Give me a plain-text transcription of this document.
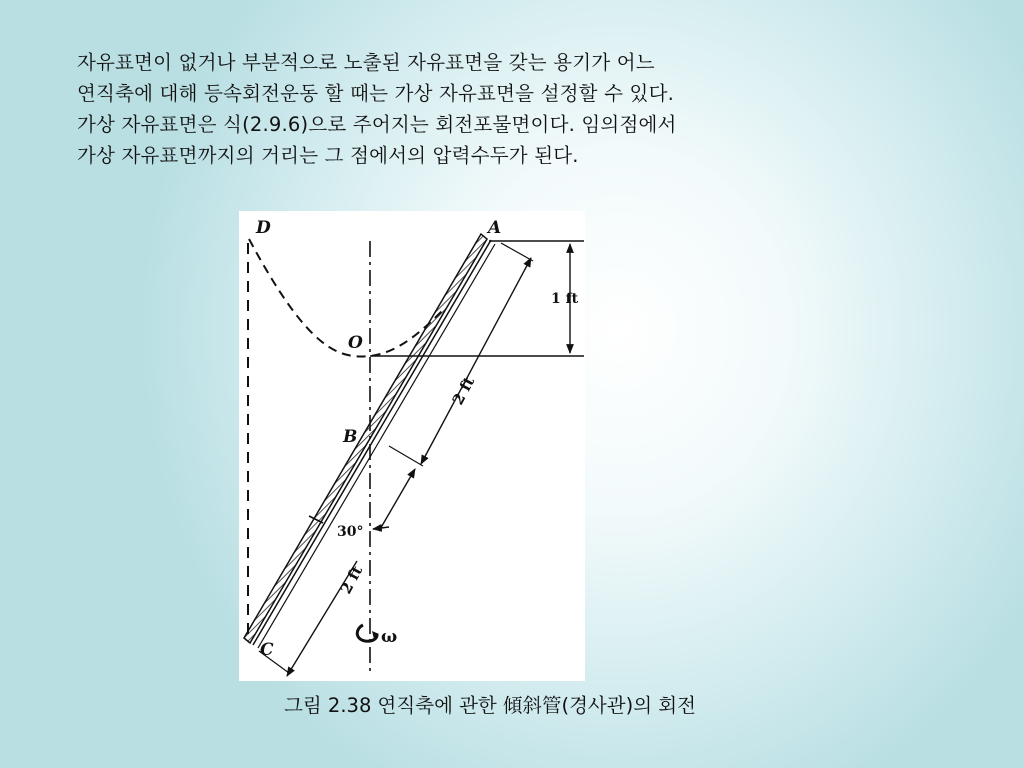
자유표면이 없거나 부분적으로 노출된 자유표면을 갖는 용기가 어느
연직축에 대해 등속회전운동 할 때는 가상 자유표면을 설정할 수 있다.
가상 자유표면은 식(2.9.6)으로 주어지는 회전포물면이다. 임의점에서
가상 자유표면까지의 거리는 그 점에서의 압력수두가 된다.
D	A
O
B
C
30°
ω
1 ft
2 ft
2 ft
그림 2.38 연직축에 관한 傾斜管(경사관)의 회전
